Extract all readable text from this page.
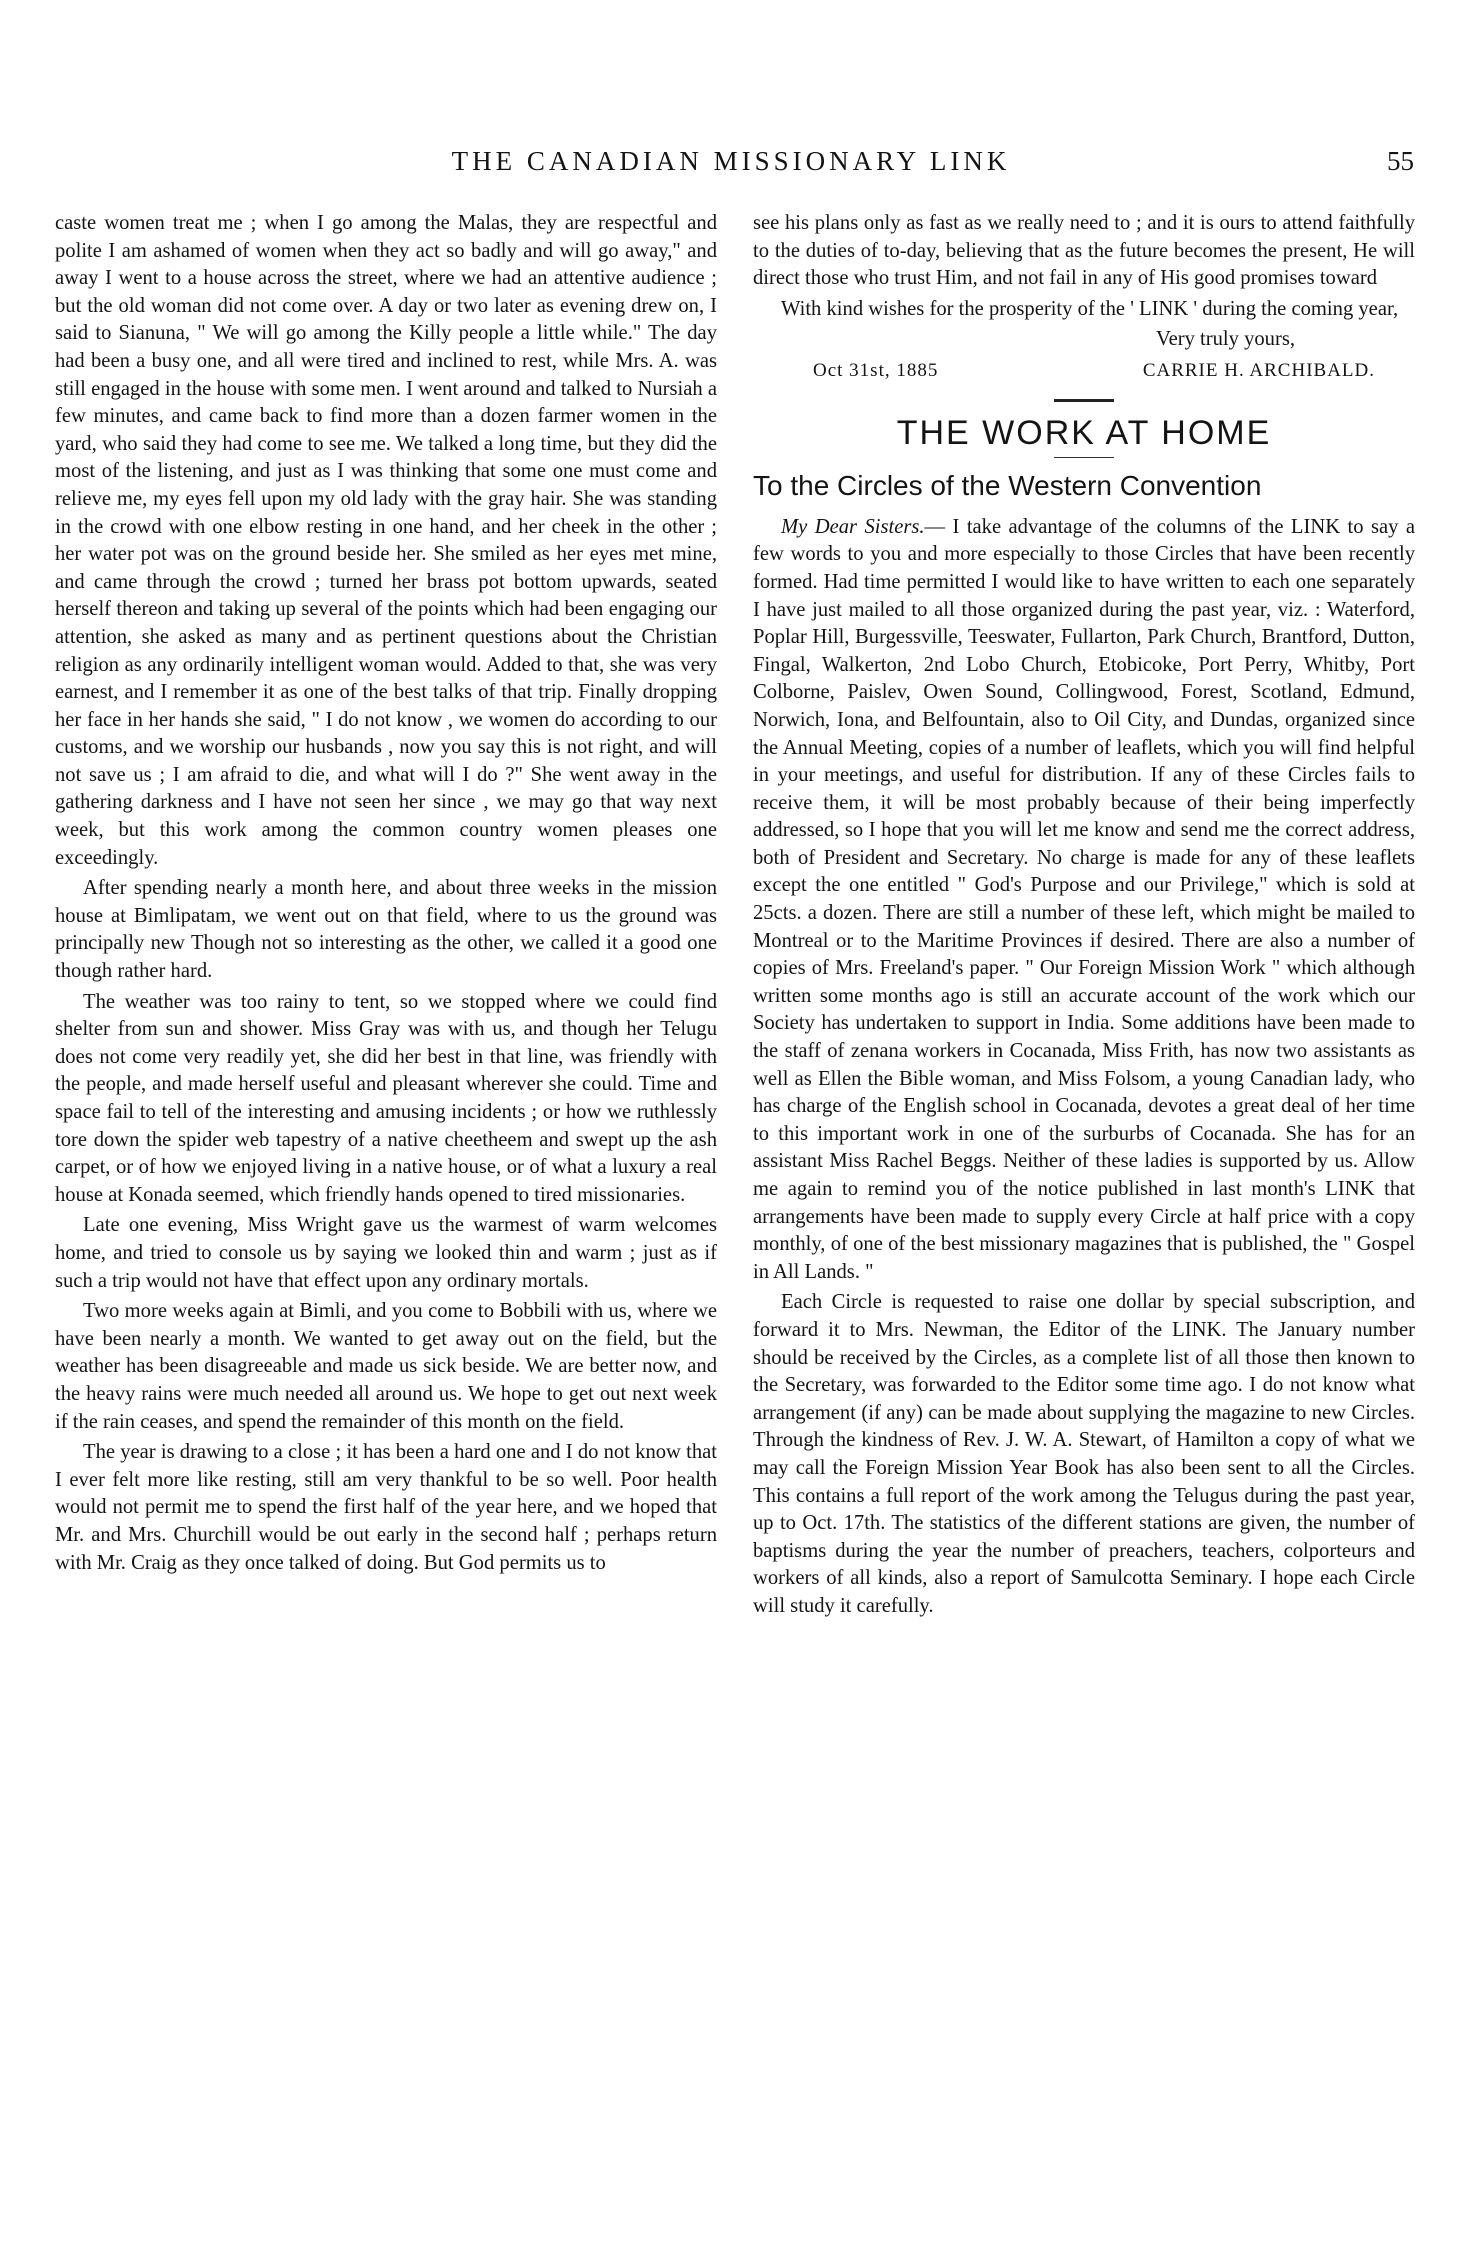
THE CANADIAN MISSIONARY LINK	55

caste women treat me ; when I go among the Malas, they are respectful and polite I am ashamed of women when they act so badly and will go away," and away I went to a house across the street, where we had an attentive audience ; but the old woman did not come over. A day or two later as evening drew on, I said to Sianuna, " We will go among the Killy people a little while." The day had been a busy one, and all were tired and inclined to rest, while Mrs. A. was still engaged in the house with some men. I went around and talked to Nursiah a few minutes, and came back to find more than a dozen farmer women in the yard, who said they had come to see me. We talked a long time, but they did the most of the listening, and just as I was thinking that some one must come and relieve me, my eyes fell upon my old lady with the gray hair. She was standing in the crowd with one elbow resting in one hand, and her cheek in the other ; her water pot was on the ground beside her. She smiled as her eyes met mine, and came through the crowd ; turned her brass pot bottom upwards, seated herself thereon and taking up several of the points which had been engaging our attention, she asked as many and as pertinent questions about the Christian religion as any ordinarily intelligent woman would. Added to that, she was very earnest, and I remember it as one of the best talks of that trip. Finally dropping her face in her hands she said, " I do not know , we women do according to our customs, and we worship our husbands , now you say this is not right, and will not save us ; I am afraid to die, and what will I do ?" She went away in the gathering darkness and I have not seen her since , we may go that way next week, but this work among the common country women pleases one exceedingly.

After spending nearly a month here, and about three weeks in the mission house at Bimlipatam, we went out on that field, where to us the ground was principally new Though not so interesting as the other, we called it a good one though rather hard.

The weather was too rainy to tent, so we stopped where we could find shelter from sun and shower. Miss Gray was with us, and though her Telugu does not come very readily yet, she did her best in that line, was friendly with the people, and made herself useful and pleasant wherever she could. Time and space fail to tell of the interesting and amusing incidents ; or how we ruthlessly tore down the spider web tapestry of a native cheetheem and swept up the ash carpet, or of how we enjoyed living in a native house, or of what a luxury a real house at Konada seemed, which friendly hands opened to tired missionaries.

Late one evening, Miss Wright gave us the warmest of warm welcomes home, and tried to console us by saying we looked thin and warm ; just as if such a trip would not have that effect upon any ordinary mortals.

Two more weeks again at Bimli, and you come to Bobbili with us, where we have been nearly a month. We wanted to get away out on the field, but the weather has been disagreeable and made us sick beside. We are better now, and the heavy rains were much needed all around us. We hope to get out next week if the rain ceases, and spend the remainder of this month on the field.

The year is drawing to a close ; it has been a hard one and I do not know that I ever felt more like resting, still am very thankful to be so well. Poor health would not permit me to spend the first half of the year here, and we hoped that Mr. and Mrs. Churchill would be out early in the second half ; perhaps return with Mr. Craig as they once talked of doing. But God permits us to

see his plans only as fast as we really need to ; and it is ours to attend faithfully to the duties of to-day, believing that as the future becomes the present, He will direct those who trust Him, and not fail in any of His good promises toward

With kind wishes for the prosperity of the ' LINK ' during the coming year,

Very truly yours,

Oct 31st, 1885	CARRIE H. ARCHIBALD.
THE WORK AT HOME
To the Circles of the Western Convention

My Dear Sisters.— I take advantage of the columns of the LINK to say a few words to you and more especially to those Circles that have been recently formed. Had time permitted I would like to have written to each one separately I have just mailed to all those organized during the past year, viz. : Waterford, Poplar Hill, Burgessville, Teeswater, Fullarton, Park Church, Brantford, Dutton, Fingal, Walkerton, 2nd Lobo Church, Etobicoke, Port Perry, Whitby, Port Colborne, Paislev, Owen Sound, Collingwood, Forest, Scotland, Edmund, Norwich, Iona, and Belfountain, also to Oil City, and Dundas, organized since the Annual Meeting, copies of a number of leaflets, which you will find helpful in your meetings, and useful for distribution. If any of these Circles fails to receive them, it will be most probably because of their being imperfectly addressed, so I hope that you will let me know and send me the correct address, both of President and Secretary. No charge is made for any of these leaflets except the one entitled " God's Purpose and our Privilege," which is sold at 25cts. a dozen. There are still a number of these left, which might be mailed to Montreal or to the Maritime Provinces if desired. There are also a number of copies of Mrs. Freeland's paper. " Our Foreign Mission Work " which although written some months ago is still an accurate account of the work which our Society has undertaken to support in India. Some additions have been made to the staff of zenana workers in Cocanada, Miss Frith, has now two assistants as well as Ellen the Bible woman, and Miss Folsom, a young Canadian lady, who has charge of the English school in Cocanada, devotes a great deal of her time to this important work in one of the surburbs of Cocanada. She has for an assistant Miss Rachel Beggs. Neither of these ladies is supported by us. Allow me again to remind you of the notice published in last month's LINK that arrangements have been made to supply every Circle at half price with a copy monthly, of one of the best missionary magazines that is published, the " Gospel in All Lands. "

Each Circle is requested to raise one dollar by special subscription, and forward it to Mrs. Newman, the Editor of the LINK. The January number should be received by the Circles, as a complete list of all those then known to the Secretary, was forwarded to the Editor some time ago. I do not know what arrangement (if any) can be made about supplying the magazine to new Circles. Through the kindness of Rev. J. W. A. Stewart, of Hamilton a copy of what we may call the Foreign Mission Year Book has also been sent to all the Circles. This contains a full report of the work among the Telugus during the past year, up to Oct. 17th. The statistics of the different stations are given, the number of baptisms during the year the number of preachers, teachers, colporteurs and workers of all kinds, also a report of Samulcotta Seminary. I hope each Circle will study it carefully.
